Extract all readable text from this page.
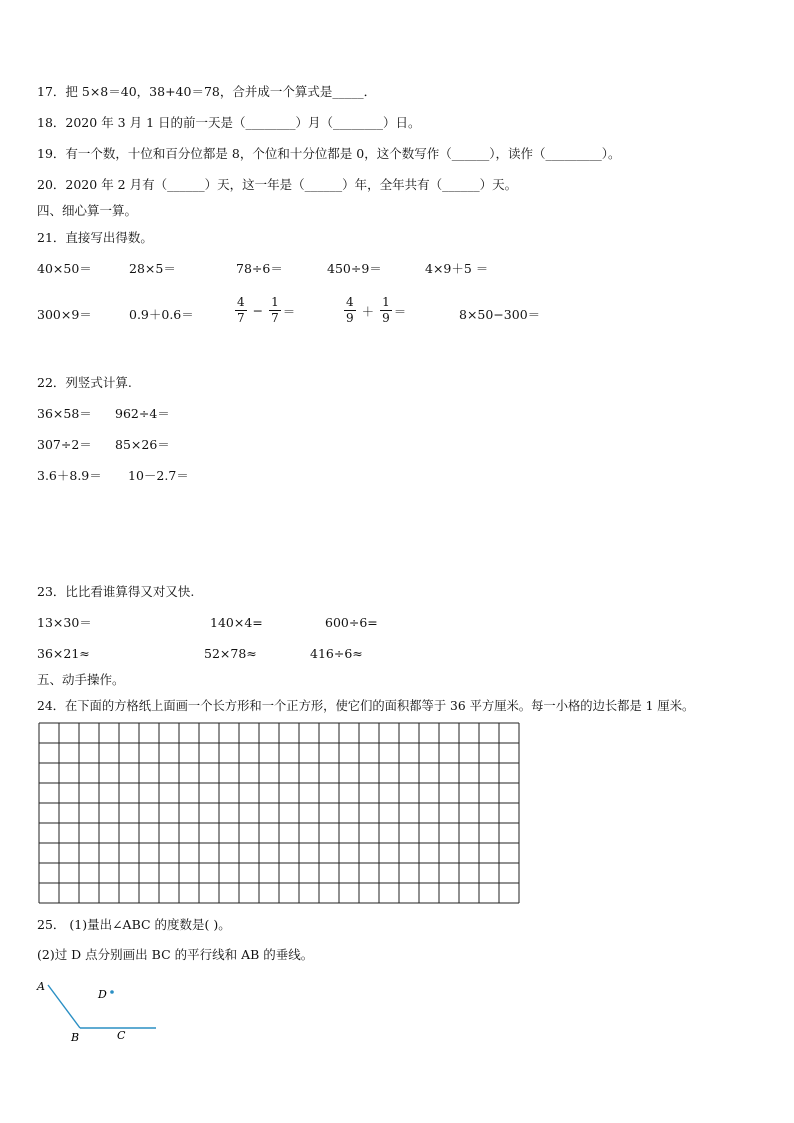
17．把 5×8＝40，38+40＝78，合并成一个算式是_____．
18．2020 年 3 月 1 日的前一天是（________）月（________）日。
19．有一个数，十位和百分位都是 8，个位和十分位都是 0，这个数写作（______），读作（_________）。
20．2020 年 2 月有（______）天，这一年是（______）年，全年共有（______）天。
四、细心算一算。
21．直接写出得数。
40×50＝	28×5＝	78÷6＝	450÷9＝	4×9＋5 ＝
300×9＝	0.9＋0.6＝	$\frac{4}{7} - \frac{1}{7}$ ＝	$\frac{4}{9} + \frac{1}{9}$ ＝	8×50−300＝
22．列竖式计算.
36×58＝ 962÷4＝
307÷2＝ 85×26＝
3.6＋8.9＝ 10－2.7＝
23．比比看谁算得又对又快.
13×30＝	140×4=	600÷6=
36×21≈	52×78≈	416÷6≈
五、动手操作。
24．在下面的方格纸上面画一个长方形和一个正方形，使它们的面积都等于 36 平方厘米。每一小格的边长都是 1 厘米。
25． (1)量出∠ABC 的度数是( )。
(2)过 D 点分别画出 BC 的平行线和 AB 的垂线。
A
B	C
D
